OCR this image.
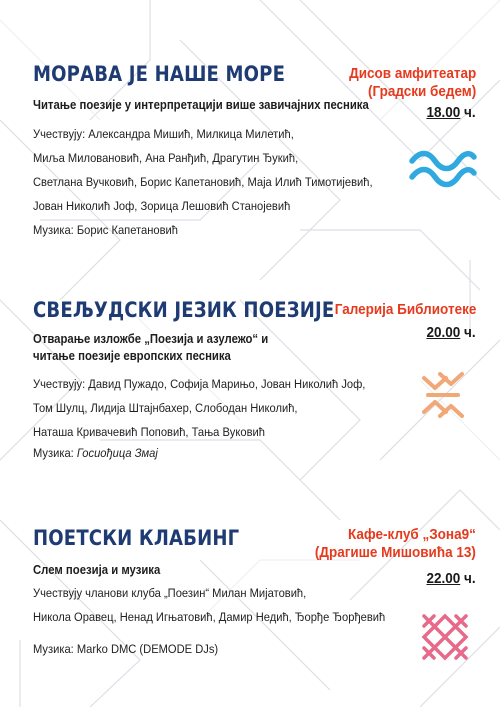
МОРАВА ЈЕ НАШЕ МОРЕ
Читање поезије у интерпретацији више завичајних песника
Учествују: Александра Мишић, Милкица Милетић,
Миља Миловановић, Ана Ранђић, Драгутин Ђукић,
Светлана Вучковић, Борис Капетановић, Маја Илић Тимотијевић,
Јован Николић Јоф, Зорица Лешовић Станојевић
Музика: Борис Капетановић
Дисов амфитеатар
(Градски бедем)
18.00 ч.
СВЕЉУДСКИ ЈЕЗИК ПОЕЗИЈЕ
Отварање изложбе „Поезија и азулежо“ и
читање поезије европских песника
Учествују: Давид Пужадо, Софија Марињо, Јован Николић Јоф,
Том Шулц, Лидија Штајнбахер, Слободан Николић,
Наташа Кривачевић Поповић, Тања Вуковић
Музика: Госиођица Змај
Галерија Библиотеке
20.00 ч.
ПОЕТСКИ КЛАБИНГ
Слем поезија и музика
Учествују чланови клуба „Поезин“ Милан Мијатовић,
Никола Оравец, Ненад Игњатовић, Дамир Недић, Ђорђе Ђорђевић
Музика: Marko DMC (DEMODE DJs)
Кафе-клуб „Зона9“
(Драгише Мишовића 13)
22.00 ч.
